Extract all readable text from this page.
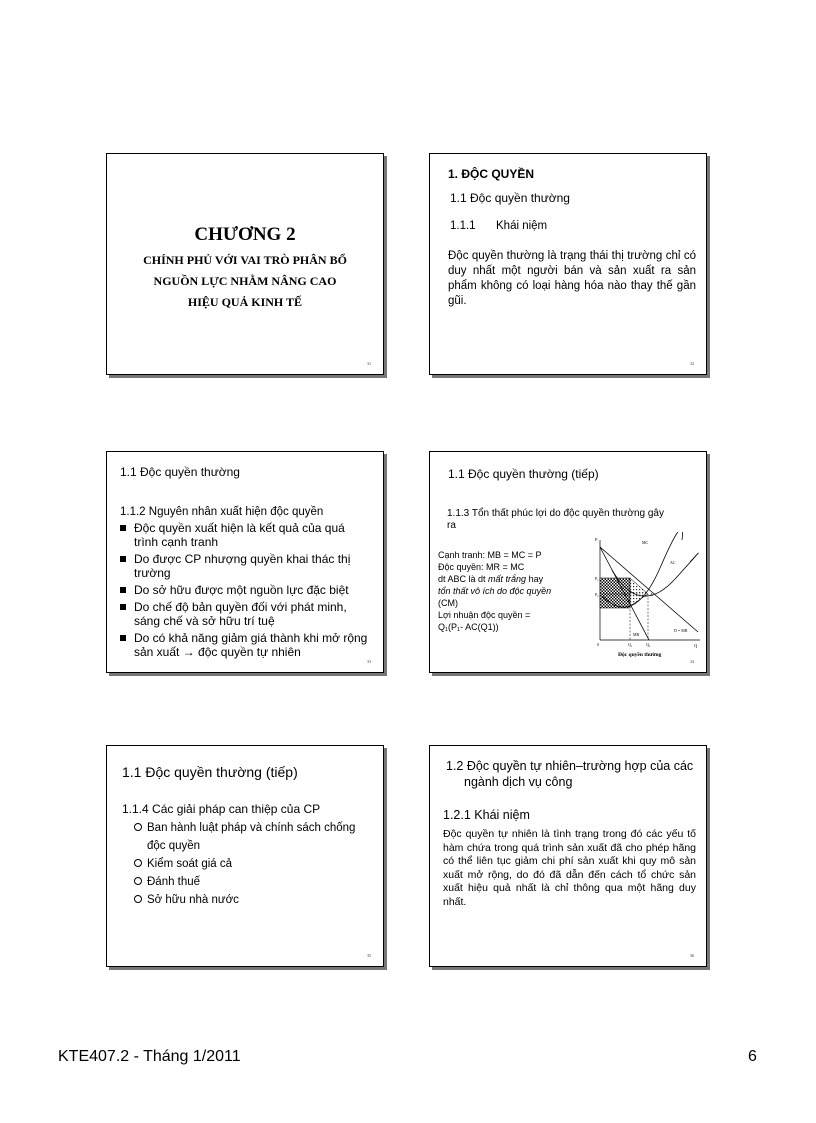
CHƯƠNG 2
CHÍNH PHỦ VỚI VAI TRÒ PHÂN BỔ
NGUỒN LỰC NHẰM NÂNG CAO
HIỆU QUẢ KINH TẾ
31
1. ĐỘC QUYỀN
1.1 Độc quyền thường
1.1.1 Khái niệm
Độc quyền thường là trạng thái thị trường chỉ có duy nhất một người bán và sản xuất ra sản phẩm không có loại hàng hóa nào thay thế gần gũi.
32
1.1 Độc quyền thường
1.1.2 Nguyên nhân xuất hiện độc quyền
Độc quyền xuất hiện là kết quả của quá trình cạnh tranh
Do được CP nhượng quyền khai thác thị trường
Do sở hữu được một nguồn lực đặc biệt
Do chế độ bản quyền đối với phát minh, sáng chế và sở hữu trí tuệ
Do có khả năng giảm giá thành khi mở rộng sản xuất → độc quyền tự nhiên
33
1.1 Độc quyền thường (tiếp)
1.1.3 Tổn thất phúc lợi do độc quyền thường gây ra
Cạnh tranh: MB = MC = P
Độc quyền: MR = MC
dt ABC là dt mất trắng hay
tổn thất vô ích do độc quyền
(CM)
Lợi nhuận độc quyền =
Q₁(P₁- AC(Q1))
P
Q
MC
AC
MR
D = MB
P₁
P₀	A
0	Q₁	Q₀
Độc quyền thường
34
1.1 Độc quyền thường (tiếp)
1.1.4 Các giải pháp can thiệp của CP
Ban hành luật pháp và chính sách chống độc quyền
Kiểm soát giá cả
Đánh thuế
Sở hữu nhà nước
35
1.2 Độc quyền tự nhiên–trường hợp của các ngành dịch vụ công
1.2.1 Khái niệm
Độc quyền tự nhiên là tình trạng trong đó các yếu tố hàm chứa trong quá trình sản xuất đã cho phép hãng có thể liên tục giảm chi phí sản xuất khi quy mô sản xuất mở rộng, do đó đã dẫn đến cách tổ chức sản xuất hiệu quả nhất là chỉ thông qua một hãng duy nhất.
36
KTE407.2 - Tháng 1/2011	6
